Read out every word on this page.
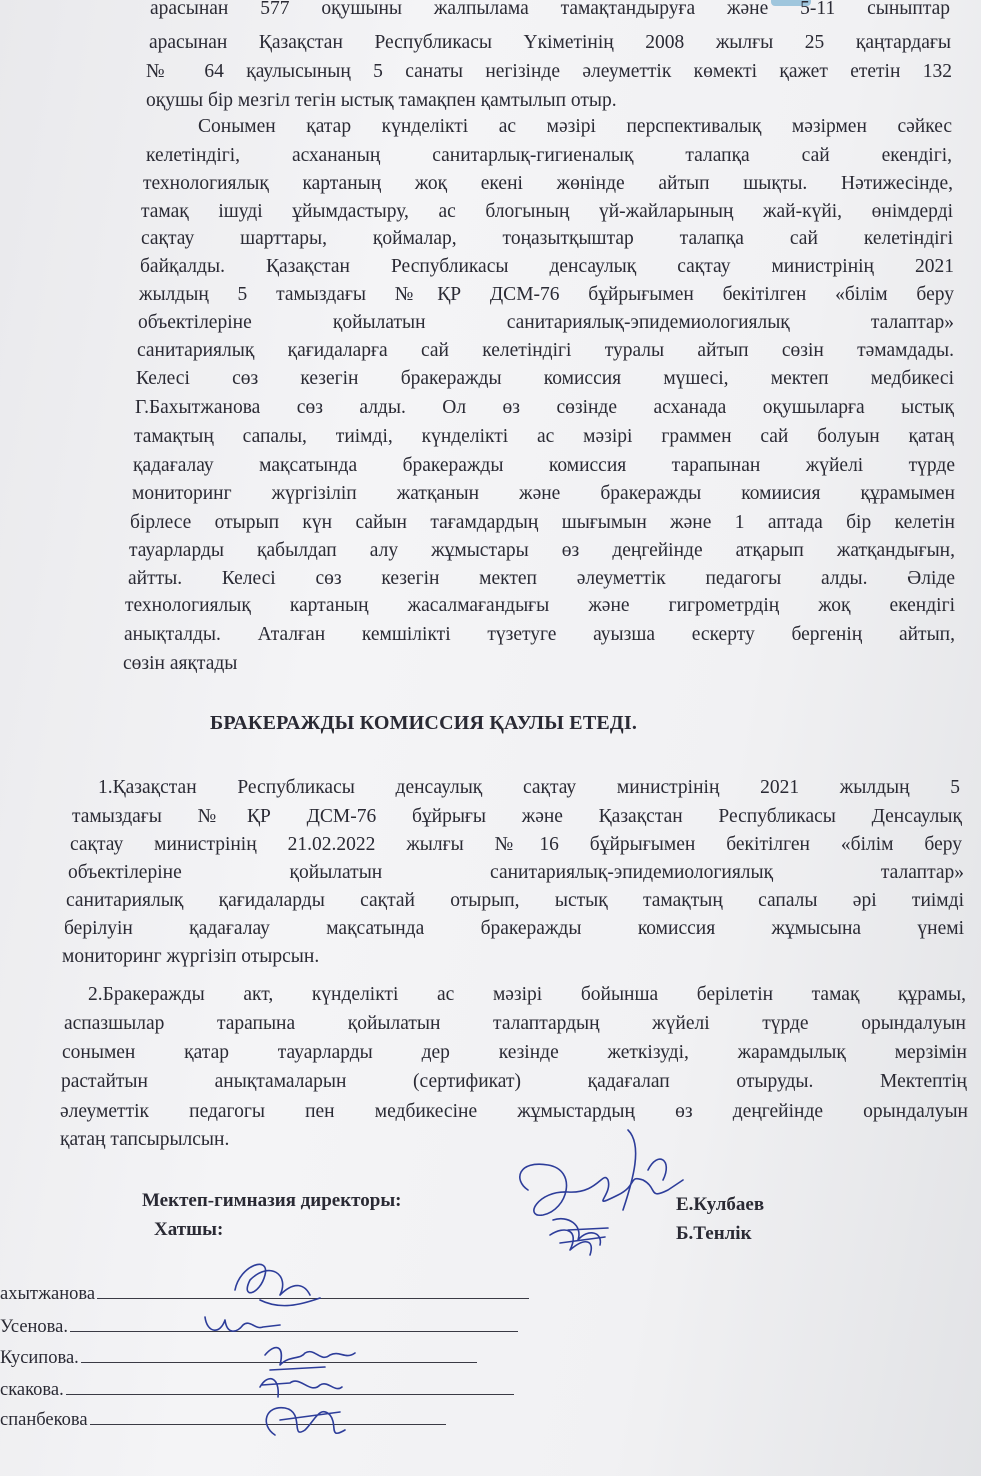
арасынан 577 оқушыны жалпылама тамақтандыруға және 5-11 сыныптар

арасынан Қазақстан Республикасы Үкіметінің 2008 жылғы 25 қаңтардағы

№ 64 қаулысының 5 санаты негізінде әлеуметтік көмекті қажет ететін 132

оқушы бір мезгіл тегін ыстық тамақпен қамтылып отыр.

Сонымен қатар күнделікті ас мәзірі перспективалық мәзірмен сәйкес

келетіндігі, асхананың санитарлық-гигиеналық талапқа сай екендігі,

технологиялық картаның жоқ екені жөнінде айтып шықты. Нәтижесінде,

тамақ ішуді ұйымдастыру, ас блогының үй-жайларының жай-күйі, өнімдерді

сақтау шарттары, қоймалар, тоңазытқыштар талапқа сай келетіндігі

байқалды. Қазақстан Республикасы денсаулық сақтау министрінің 2021

жылдың 5 тамыздағы №ҚР ДСМ-76 бұйрығымен бекітілген «білім беру

объектілеріне қойылатын санитариялық-эпидемиологиялық талаптар»

санитариялық қағидаларға сай келетіндігі туралы айтып сөзін тәмамдады.

Келесі сөз кезегін бракеражды комиссия мүшесі, мектеп медбикесі

Г.Бахытжанова сөз алды. Ол өз сөзінде асханада оқушыларға ыстық

тамақтың сапалы, тиімді, күнделікті ас мәзірі граммен сай болуын қатаң

қадағалау мақсатында бракеражды комиссия тарапынан жүйелі түрде

мониторинг жүргізіліп жатқанын және бракеражды комиисия құрамымен

бірлесе отырып күн сайын тағамдардың шығымын және 1 аптада бір келетін

тауарларды қабылдап алу жұмыстары өз деңгейінде атқарып жатқандығын,

айтты. Келесі сөз кезегін мектеп әлеуметтік педагогы алды. Әліде

технологиялық картаның жасалмағандығы және гигрометрдің жоқ екендігі

анықталды. Аталған кемшілікті түзетуге ауызша ескерту бергенің айтып,

сөзін аяқтады

БРАКЕРАЖДЫ КОМИССИЯ ҚАУЛЫ ЕТЕДІ.

1.Қазақстан Республикасы денсаулық сақтау министрінің 2021 жылдың 5

тамыздағы №ҚР ДСМ-76 бұйрығы және Қазақстан Республикасы Денсаулық

сақтау министрінің 21.02.2022 жылғы №16 бұйрығымен бекітілген «білім беру

объектілеріне қойылатын санитариялық-эпидемиологиялық талаптар»

санитариялық қағидаларды сақтай отырып, ыстық тамақтың сапалы әрі тиімді

берілуін қадағалау мақсатында бракеражды комиссия жұмысына үнемі

мониторинг жүргізіп отырсын.

2.Бракеражды акт, күнделікті ас мәзірі бойынша берілетін тамақ құрамы,

аспазшылар тарапына қойылатын талаптардың жүйелі түрде орындалуын

сонымен қатар тауарларды дер кезінде жеткізуді, жарамдылық мерзімін

растайтын анықтамаларын (сертификат) қадағалап отыруды. Мектептің

әлеуметтік педагогы пен медбикесіне жұмыстардың өз деңгейінде орындалуын

қатаң тапсырылсын.

Мектеп-гимназия директоры:	Е.Кулбаев
Хатшы:	Б.Тенлік
ахытжанова
Усенова.
Кусипова.
скакова.
спанбекова
